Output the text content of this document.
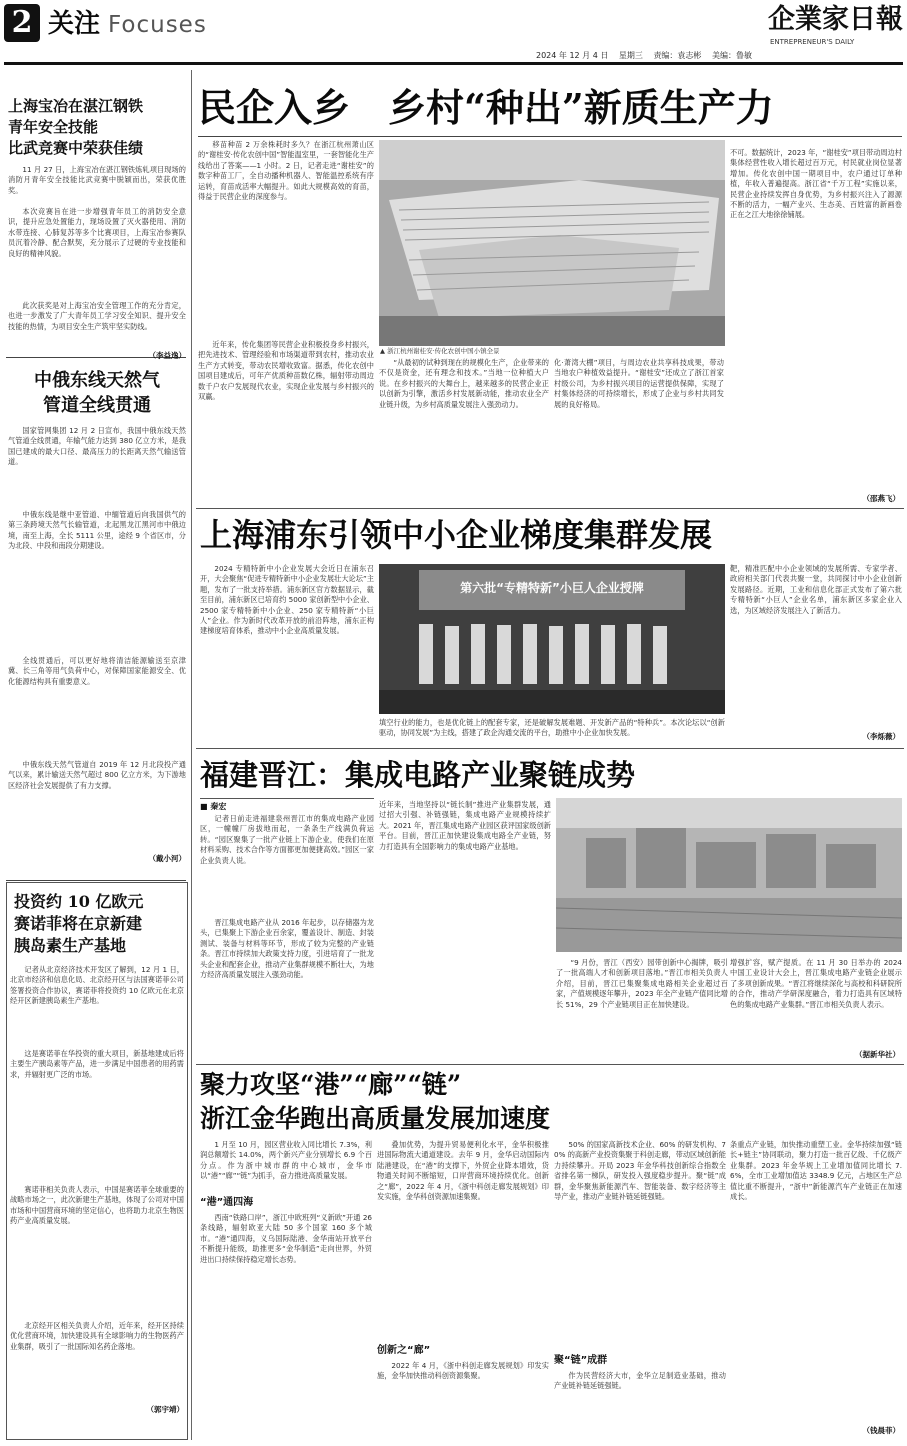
2 关注 Focuses	企業家日報
ENTREPRENEUR'S DAILY
2024 年 12 月 4 日　 星期三　 责编：袁志彬　 美编：鲁敏
上海宝冶在湛江钢铁
青年安全技能
比武竞赛中荣获佳绩
11 月 27 日，上海宝冶在湛江钢铁炼轧项目现场的消防月青年安全技能比武竞赛中脱颖而出，荣获优胜奖。
本次竞赛旨在进一步增强青年员工的消防安全意识，提升应急处置能力，现场设置了灭火器使用、消防水带连接、心肺复苏等多个比赛项目，上海宝冶参赛队员沉着冷静、配合默契，充分展示了过硬的专业技能和良好的精神风貌。
此次获奖是对上海宝冶安全管理工作的充分肯定，也进一步激发了广大青年员工学习安全知识、提升安全技能的热情，为项目安全生产筑牢坚实防线。
（李益逸）
中俄东线天然气
管道全线贯通
国家管网集团 12 月 2 日宣布，我国中俄东线天然气管道全线贯通，年输气能力达到 380 亿立方米，是我国已建成的最大口径、最高压力的长距离天然气输送管道。
中俄东线是继中亚管道、中缅管道后向我国供气的第三条跨境天然气长输管道，北起黑龙江黑河市中俄边境，南至上海，全长 5111 公里，途经 9 个省区市，分为北段、中段和南段分期建设。
全线贯通后，可以更好地将清洁能源输送至京津冀、长三角等用气负荷中心，对保障国家能源安全、优化能源结构具有重要意义。
中俄东线天然气管道自 2019 年 12 月北段投产通气以来，累计输送天然气超过 800 亿立方米，为下游地区经济社会发展提供了有力支撑。
（戴小河）
投资约 10 亿欧元
赛诺菲将在京新建
胰岛素生产基地
记者从北京经济技术开发区了解到，12 月 1 日，北京市经济和信息化局、北京经开区与法国赛诺菲公司签署投资合作协议，赛诺菲将投资约 10 亿欧元在北京经开区新建胰岛素生产基地。
这是赛诺菲在华投资的重大项目，新基地建成后将主要生产胰岛素等产品，进一步满足中国患者的用药需求，并辐射更广泛的市场。
赛诺菲相关负责人表示，中国是赛诺菲全球重要的战略市场之一，此次新建生产基地，体现了公司对中国市场和中国营商环境的坚定信心，也将助力北京生物医药产业高质量发展。
北京经开区相关负责人介绍，近年来，经开区持续优化营商环境，加快建设具有全球影响力的生物医药产业集群，吸引了一批国际知名药企落地。
（郭宇靖）
民企入乡　乡村“种出”新质生产力
移苗种苗 2 万余株耗时多久？在浙江杭州萧山区的“谢桂安·传化农创中国”智能温室里，一套智能化生产线给出了答案——1 小时。2 日，记者走进“谢桂安”的数字种苗工厂，全自动播种机器人、智能温控系统有序运转，育苗成活率大幅提升。如此大规模高效的育苗，得益于民营企业的深度参与。
近年来，传化集团等民营企业积极投身乡村振兴，把先进技术、管理经验和市场渠道带到农村，推动农业生产方式转变，带动农民增收致富。据悉，传化农创中国项目建成后，可年产优质种苗数亿株，辐射带动周边数千户农户发展现代农业，实现企业发展与乡村振兴的双赢。
▲ 浙江杭州谢桂安·传化农创中国小镇全景
“从最初的试种到现在的规模化生产，企业带来的不仅是资金，还有理念和技术。”当地一位种植大户说。在乡村振兴的大舞台上，越来越多的民营企业正以创新为引擎，激活乡村发展新动能，推动农业全产业链升级，为乡村高质量发展注入强劲动力。
化·萧湾大棚”项目，与周边农业共享科技成果，带动当地农户种植效益提升。“谢桂安”还成立了浙江首家村级公司，为乡村振兴项目的运营提供保障，实现了村集体经济的可持续增长，形成了企业与乡村共同发展的良好格局。
不可。数据统计，2023 年，“谢桂安”项目带动周边村集体经营性收入增长超过百万元，村民就业岗位显著增加。传化农创中国一期项目中，农户通过订单种植，年收入普遍提高。浙江省“千万工程”实施以来，民营企业持续发挥自身优势，为乡村振兴注入了源源不断的活力，一幅产业兴、生态美、百姓富的新画卷正在之江大地徐徐铺展。
（邵燕飞）
上海浦东引领中小企业梯度集群发展
2024 专精特新中小企业发展大会近日在浦东召开，大会聚焦“促进专精特新中小企业发展壮大论坛”主题，发布了一批支持举措。浦东新区官方数据显示，截至目前，浦东新区已培育约 5000 家创新型中小企业、2500 家专精特新中小企业、250 家专精特新“小巨人”企业。作为新时代改革开放的前沿阵地，浦东正构建梯度培育体系，推动中小企业高质量发展。
第六批“专精特新”小巨人企业授牌
填空行业的能力，也是优化链上的配套专家，还是破解发展难题、开发新产品的“特种兵”。本次论坛以“创新驱动，协同发展”为主线，搭建了政企沟通交流的平台，助推中小企业加快发展。
靶，精准匹配中小企业领域的发展所需、专家学者、政府相关部门代表共聚一堂，共同探讨中小企业创新发展路径。近期，工业和信息化部正式发布了第六批专精特新“小巨人”企业名单，浦东新区多家企业入选，为区域经济发展注入了新活力。
（李烁薇）
福建晋江：集成电路产业聚链成势
■ 秦宏
记者日前走进福建泉州晋江市的集成电路产业园区，一幢幢厂房拔地而起，一条条生产线满负荷运转。“园区聚集了一批产业链上下游企业，使我们在原材料采购、技术合作等方面都更加便捷高效。”园区一家企业负责人说。
晋江集成电路产业从 2016 年起步，以存储器为龙头，已集聚上下游企业百余家，覆盖设计、制造、封装测试、装备与材料等环节，形成了较为完整的产业链条。晋江市持续加大政策支持力度，引进培育了一批龙头企业和配套企业，推动产业集群规模不断壮大，为地方经济高质量发展注入强劲动能。
近年来，当地坚持以“链长制”推进产业集群发展，通过招大引强、补链强链，集成电路产业规模持续扩大。2021 年，晋江集成电路产业园区获评国家级创新平台。目前，晋江正加快建设集成电路全产业链，努力打造具有全国影响力的集成电路产业基地。
“9 月份，晋江（西安）园带创新中心揭牌，吸引了一批高端人才和创新项目落地。”晋江市相关负责人介绍，目前，晋江已集聚集成电路相关企业超过百家，产值规模逐年攀升，2023 年全产业链产值同比增长 51%，29 个产业链项目正在加快建设。
增强扩容，赋产提质。在 11 月 30 日举办的 2024 中国工业设计大会上，晋江集成电路产业链企业展示了多项创新成果。“晋江将继续深化与高校和科研院所的合作，推动产学研深度融合，着力打造具有区域特色的集成电路产业集群。”晋江市相关负责人表示。
（据新华社）
聚力攻坚“港”“廊”“链”
浙江金华跑出高质量发展加速度
1 月至 10 月，园区营业收入同比增长 7.3%，利润总额增长 14.0%，两个新兴产业分别增长 6.9 个百分点。作为浙中城市群的中心城市，金华市以“港”“廊”“链”为抓手，奋力推进高质量发展。
“港”通四海
西南“铁路口岸”，浙江中欧班列“义新欧”开通 26 条线路，辐射欧亚大陆 50 多个国家 160 多个城市。“港”通四海，义乌国际陆港、金华南站开放平台不断提升能级，助推更多“金华制造”走向世界，外贸进出口持续保持稳定增长态势。
叠加优势，为提升贸易便利化水平，金华积极推进国际物流大通道建设。去年 9 月，金华启动国际内陆港建设，在“港”的支撑下，外贸企业降本增效，货物通关时间不断缩短，口岸营商环境持续优化。创新之“廊”，2022 年 4 月，《浙中科创走廊发展规划》印发实施，金华科创资源加速集聚。
创新之“廊”
2022 年 4 月，《浙中科创走廊发展规划》印发实施，金华加快推动科创资源集聚。
50% 的国家高新技术企业、60% 的研发机构、70% 的高新产业投资集聚于科创走廊，带动区域创新能力持续攀升。开局 2023 年金华科技创新综合指数全省排名第一梯队，研发投入强度稳步提升。聚“链”成群，金华聚焦新能源汽车、智能装备、数字经济等主导产业，推动产业链补链延链强链。
聚“链”成群
作为民营经济大市，金华立足制造业基础，推动产业链补链延链强链。
条重点产业链，加快推动重塑工业。金华持续加强“链长+链主”协同联动，聚力打造一批百亿级、千亿级产业集群。2023 年金华规上工业增加值同比增长 7.6%，全市工业增加值达 3348.9 亿元，占地区生产总值比重不断提升，“浙中”新能源汽车产业链正在加速成长。
（钱晨菲）
